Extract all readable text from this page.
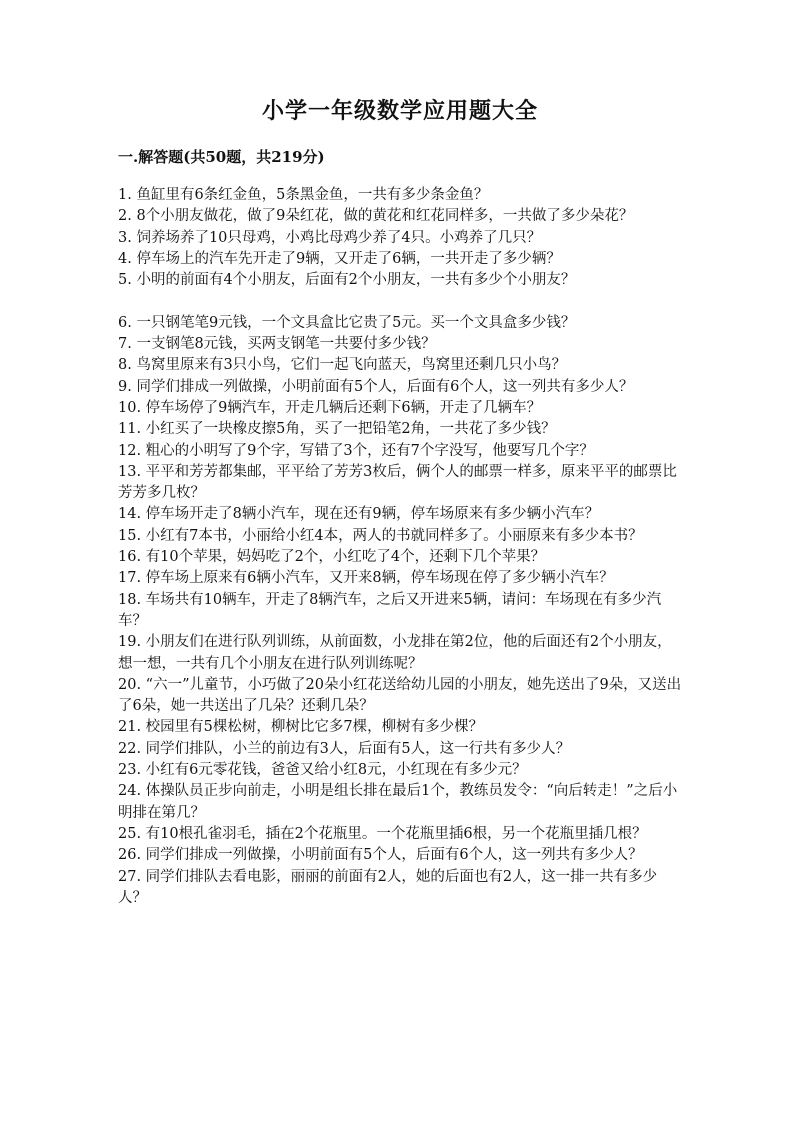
小学一年级数学应用题大全
一.解答题(共50题，共219分)
1. 鱼缸里有6条红金鱼，5条黑金鱼，一共有多少条金鱼？
2. 8个小朋友做花，做了9朵红花，做的黄花和红花同样多，一共做了多少朵花？
3. 饲养场养了10只母鸡，小鸡比母鸡少养了4只。小鸡养了几只？
4. 停车场上的汽车先开走了9辆，又开走了6辆，一共开走了多少辆？
5. 小明的前面有4个小朋友，后面有2个小朋友，一共有多少个小朋友？
6. 一只钢笔笔9元钱，一个文具盒比它贵了5元。买一个文具盒多少钱？
7. 一支钢笔8元钱，买两支钢笔一共要付多少钱？
8. 鸟窝里原来有3只小鸟，它们一起飞向蓝天，鸟窝里还剩几只小鸟？
9. 同学们排成一列做操，小明前面有5个人，后面有6个人，这一列共有多少人？
10. 停车场停了9辆汽车，开走几辆后还剩下6辆，开走了几辆车？
11. 小红买了一块橡皮擦5角，买了一把铅笔2角，一共花了多少钱？
12. 粗心的小明写了9个字，写错了3个，还有7个字没写，他要写几个字？
13. 平平和芳芳都集邮，平平给了芳芳3枚后，俩个人的邮票一样多，原来平平的邮票比芳芳多几枚？
14. 停车场开走了8辆小汽车，现在还有9辆，停车场原来有多少辆小汽车？
15. 小红有7本书，小丽给小红4本，两人的书就同样多了。小丽原来有多少本书？
16. 有10个苹果，妈妈吃了2个，小红吃了4个，还剩下几个苹果？
17. 停车场上原来有6辆小汽车，又开来8辆，停车场现在停了多少辆小汽车？
18. 车场共有10辆车，开走了8辆汽车，之后又开进来5辆，请问：车场现在有多少汽车？
19. 小朋友们在进行队列训练，从前面数，小龙排在第2位，他的后面还有2个小朋友，想一想，一共有几个小朋友在进行队列训练呢？
20. “六一”儿童节，小巧做了20朵小红花送给幼儿园的小朋友，她先送出了9朵，又送出了6朵，她一共送出了几朵？还剩几朵？
21. 校园里有5棵松树，柳树比它多7棵，柳树有多少棵？
22. 同学们排队，小兰的前边有3人，后面有5人，这一行共有多少人？
23. 小红有6元零花钱，爸爸又给小红8元，小红现在有多少元？
24. 体操队员正步向前走，小明是组长排在最后1个，教练员发令：“向后转走！”之后小明排在第几？
25. 有10根孔雀羽毛，插在2个花瓶里。一个花瓶里插6根，另一个花瓶里插几根？
26. 同学们排成一列做操，小明前面有5个人，后面有6个人，这一列共有多少人？
27. 同学们排队去看电影，丽丽的前面有2人，她的后面也有2人，这一排一共有多少人？
